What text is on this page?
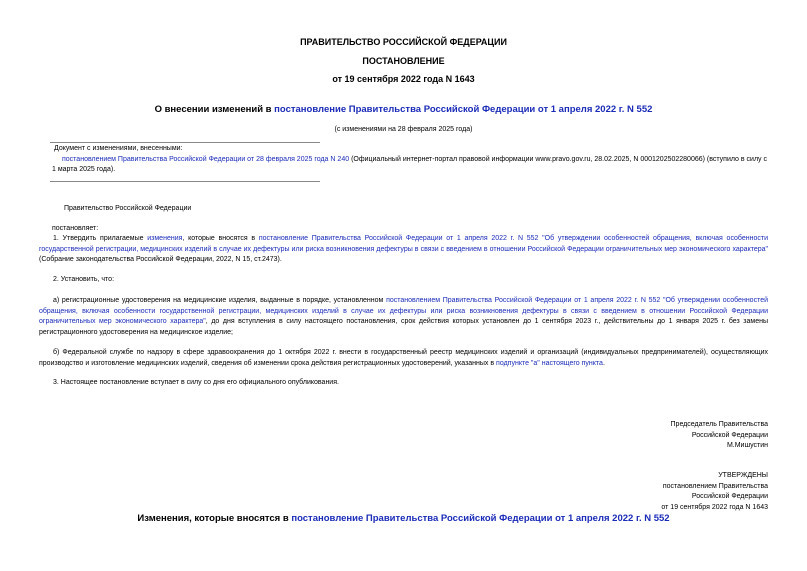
ПРАВИТЕЛЬСТВО РОССИЙСКОЙ ФЕДЕРАЦИИ
ПОСТАНОВЛЕНИЕ
от 19 сентября 2022 года N 1643
О внесении изменений в постановление Правительства Российской Федерации от 1 апреля 2022 г. N 552
(с изменениями на 28 февраля 2025 года)
Документ с изменениями, внесенными:
постановлением Правительства Российской Федерации от 28 февраля 2025 года N 240 (Официальный интернет-портал правовой информации www.pravo.gov.ru, 28.02.2025, N 0001202502280066) (вступило в силу с 1 марта 2025 года).
Правительство Российской Федерации
постановляет:
1. Утвердить прилагаемые изменения, которые вносятся в постановление Правительства Российской Федерации от 1 апреля 2022 г. N 552 "Об утверждении особенностей обращения, включая особенности государственной регистрации, медицинских изделий в случае их дефектуры или риска возникновения дефектуры в связи с введением в отношении Российской Федерации ограничительных мер экономического характера" (Собрание законодательства Российской Федерации, 2022, N 15, ст.2473).
2. Установить, что:
а) регистрационные удостоверения на медицинские изделия, выданные в порядке, установленном постановлением Правительства Российской Федерации от 1 апреля 2022 г. N 552 "Об утверждении особенностей обращения, включая особенности государственной регистрации, медицинских изделий в случае их дефектуры или риска возникновения дефектуры в связи с введением в отношении Российской Федерации ограничительных мер экономического характера", до дня вступления в силу настоящего постановления, срок действия которых установлен до 1 сентября 2023 г., действительны до 1 января 2025 г. без замены регистрационного удостоверения на медицинское изделие;
б) Федеральной службе по надзору в сфере здравоохранения до 1 октября 2022 г. внести в государственный реестр медицинских изделий и организаций (индивидуальных предпринимателей), осуществляющих производство и изготовление медицинских изделий, сведения об изменении срока действия регистрационных удостоверений, указанных в подпункте "а" настоящего пункта.
3. Настоящее постановление вступает в силу со дня его официального опубликования.
Председатель Правительства
Российской Федерации
М.Мишустин
УТВЕРЖДЕНЫ
постановлением Правительства
Российской Федерации
от 19 сентября 2022 года N 1643
Изменения, которые вносятся в постановление Правительства Российской Федерации от 1 апреля 2022 г. N 552
